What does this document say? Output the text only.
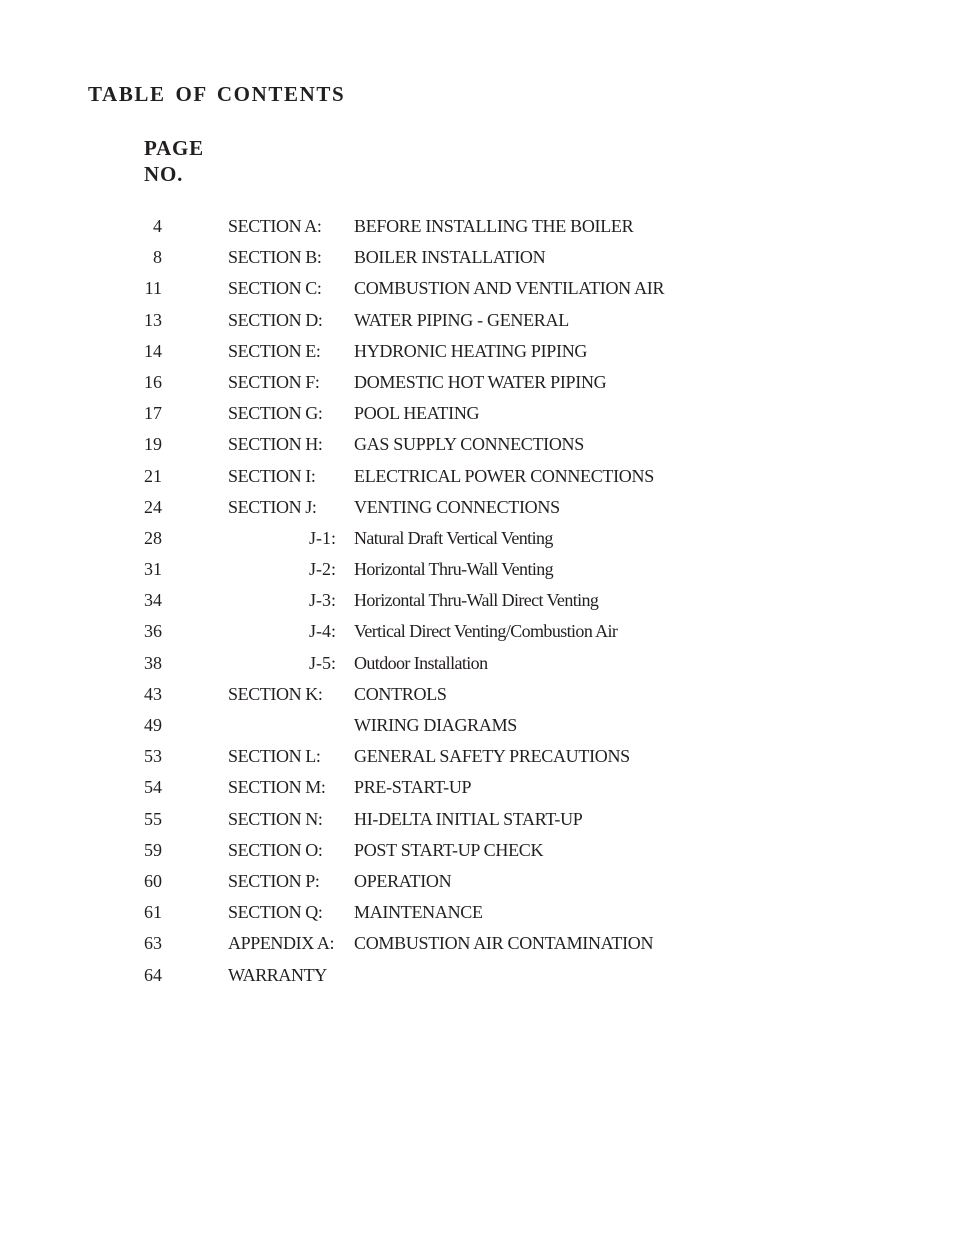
TABLE OF CONTENTS
PAGE
NO.
4	SECTION A: BEFORE INSTALLING THE BOILER
8	SECTION B: BOILER INSTALLATION
11	SECTION C: COMBUSTION AND VENTILATION AIR
13	SECTION D: WATER PIPING - GENERAL
14	SECTION E: HYDRONIC HEATING PIPING
16	SECTION F: DOMESTIC HOT WATER PIPING
17	SECTION G: POOL HEATING
19	SECTION H: GAS SUPPLY CONNECTIONS
21	SECTION I: ELECTRICAL POWER CONNECTIONS
24	SECTION J: VENTING CONNECTIONS
28	J-1: Natural Draft Vertical Venting
31	J-2: Horizontal Thru-Wall Venting
34	J-3: Horizontal Thru-Wall Direct Venting
36	J-4: Vertical Direct Venting/Combustion Air
38	J-5: Outdoor Installation
43	SECTION K: CONTROLS
49	WIRING DIAGRAMS
53	SECTION L: GENERAL SAFETY PRECAUTIONS
54	SECTION M: PRE-START-UP
55	SECTION N: HI-DELTA INITIAL START-UP
59	SECTION O: POST START-UP CHECK
60	SECTION P: OPERATION
61	SECTION Q: MAINTENANCE
63	APPENDIX A: COMBUSTION AIR CONTAMINATION
64	WARRANTY
